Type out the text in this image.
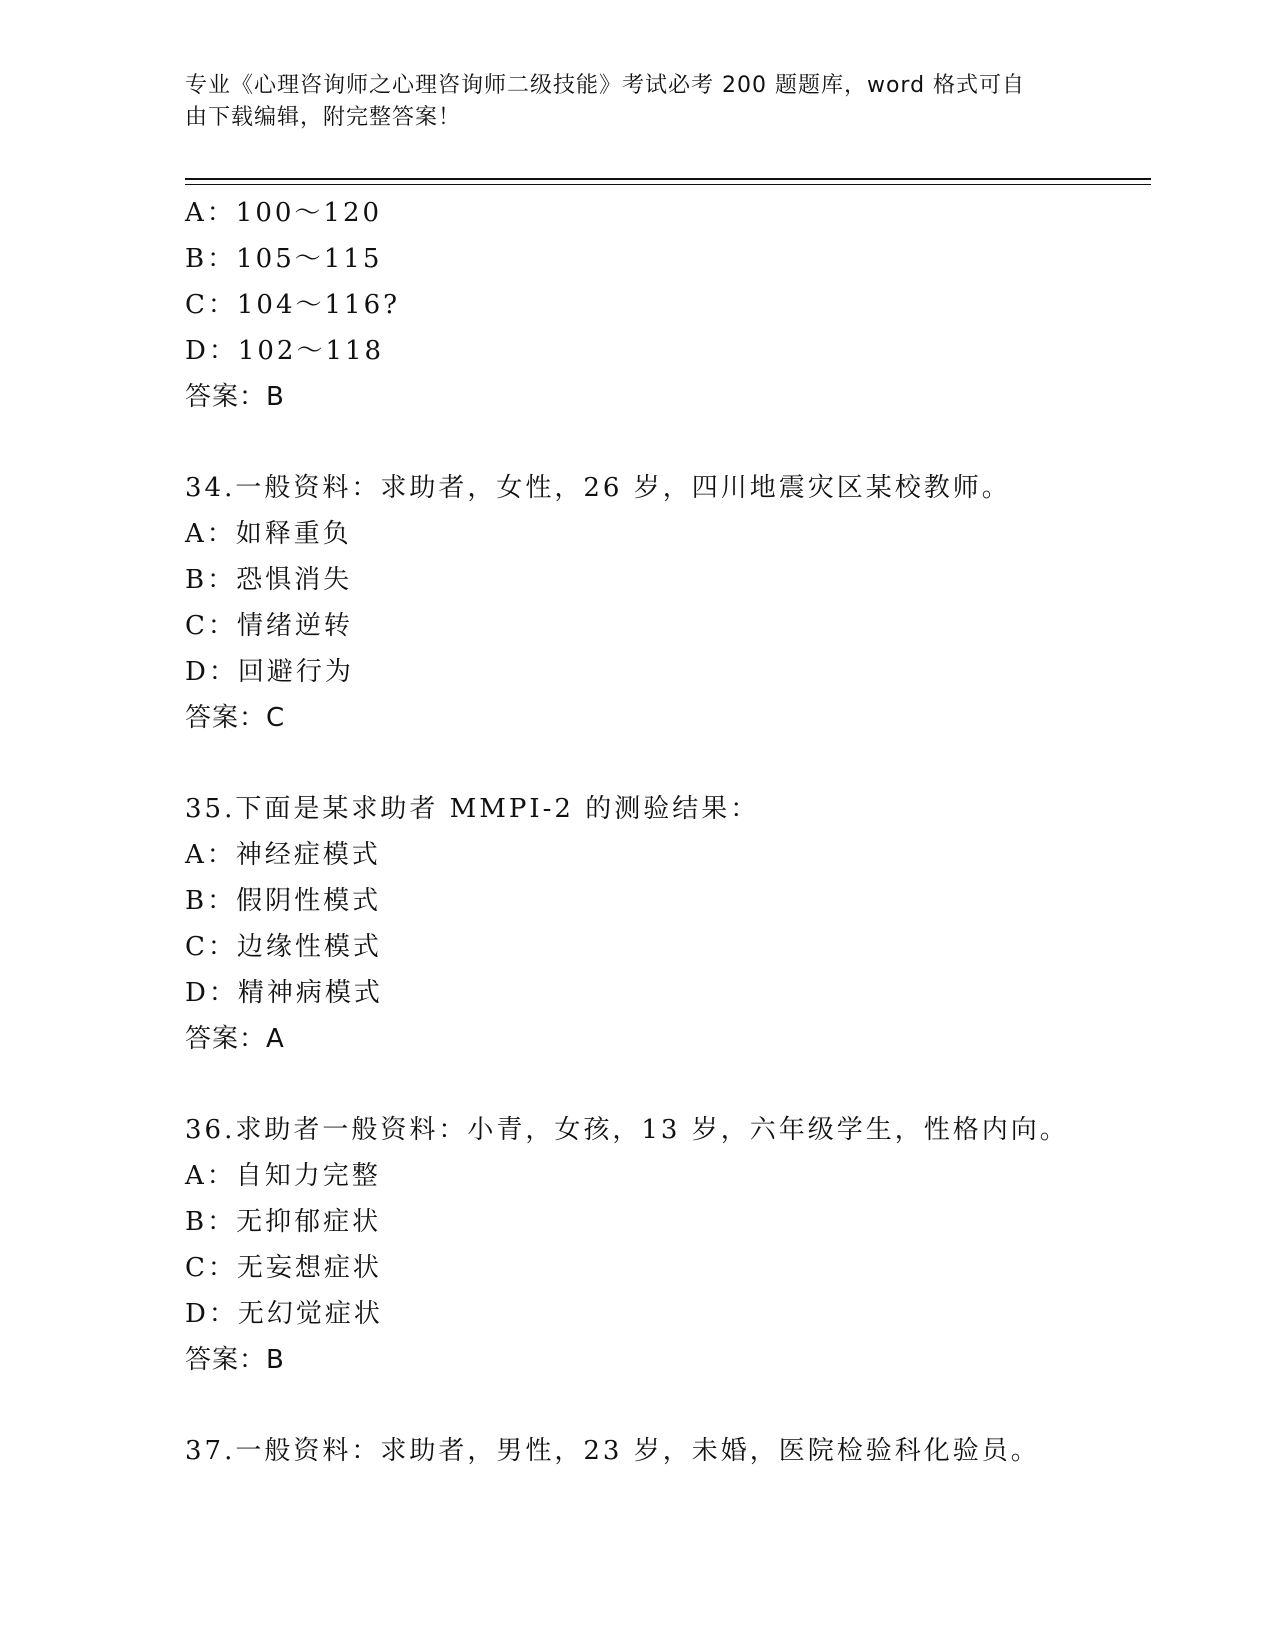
专业《心理咨询师之心理咨询师二级技能》考试必考 200 题题库，word 格式可自
由下载编辑，附完整答案！
A：100～120
B：105～115
C：104～116?
D：102～118
答案：B
34.一般资料：求助者，女性，26 岁，四川地震灾区某校教师。
A：如释重负
B：恐惧消失
C：情绪逆转
D：回避行为
答案：C
35.下面是某求助者 MMPI-2 的测验结果：
A：神经症模式
B：假阴性模式
C：边缘性模式
D：精神病模式
答案：A
36.求助者一般资料：小青，女孩，13 岁，六年级学生，性格内向。
A：自知力完整
B：无抑郁症状
C：无妄想症状
D：无幻觉症状
答案：B
37.一般资料：求助者，男性，23 岁，未婚，医院检验科化验员。
